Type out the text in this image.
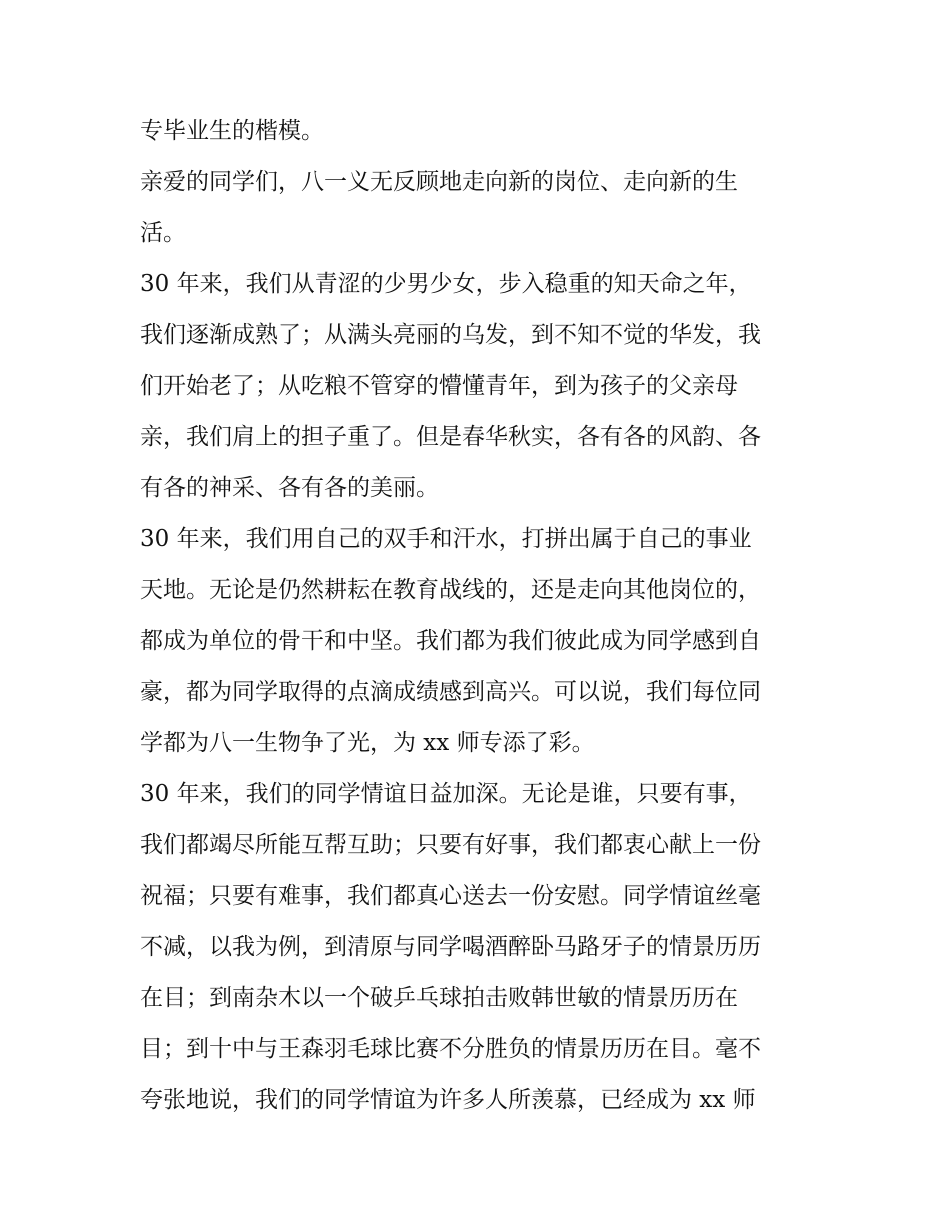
专毕业生的楷模。
亲爱的同学们，八一义无反顾地走向新的岗位、走向新的生
活。
30 年来，我们从青涩的少男少女，步入稳重的知天命之年，
我们逐渐成熟了；从满头亮丽的乌发，到不知不觉的华发，我
们开始老了；从吃粮不管穿的懵懂青年，到为孩子的父亲母
亲，我们肩上的担子重了。但是春华秋实，各有各的风韵、各
有各的神采、各有各的美丽。
30 年来，我们用自己的双手和汗水，打拼出属于自己的事业
天地。无论是仍然耕耘在教育战线的，还是走向其他岗位的，
都成为单位的骨干和中坚。我们都为我们彼此成为同学感到自
豪，都为同学取得的点滴成绩感到高兴。可以说，我们每位同
学都为八一生物争了光，为 xx 师专添了彩。
30 年来，我们的同学情谊日益加深。无论是谁，只要有事，
我们都竭尽所能互帮互助；只要有好事，我们都衷心献上一份
祝福；只要有难事，我们都真心送去一份安慰。同学情谊丝毫
不减，以我为例，到清原与同学喝酒醉卧马路牙子的情景历历
在目；到南杂木以一个破乒乓球拍击败韩世敏的情景历历在
目；到十中与王森羽毛球比赛不分胜负的情景历历在目。毫不
夸张地说，我们的同学情谊为许多人所羡慕，已经成为 xx 师
